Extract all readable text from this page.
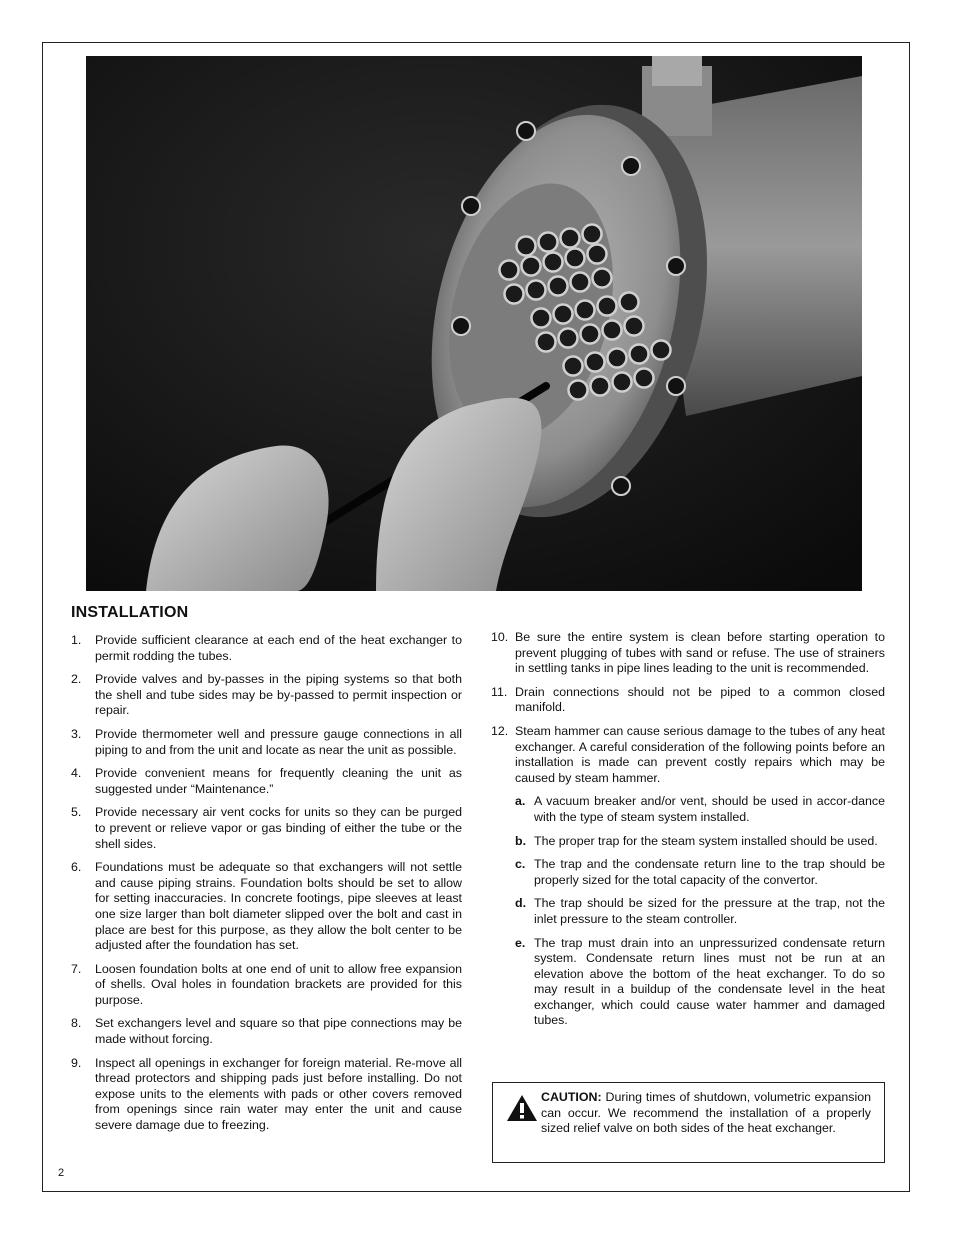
INSTALLATION
1.	Provide sufficient clearance at each end of the heat exchanger to permit rodding the tubes.
2.	Provide valves and by-passes in the piping systems so that both the shell and tube sides may be by-passed to permit inspection or repair.
3.	Provide thermometer well and pressure gauge connections in all piping to and from the unit and locate as near the unit as possible.
4.	Provide convenient means for frequently cleaning the unit as suggested under “Maintenance.”
5.	Provide necessary air vent cocks for units so they can be purged to prevent or relieve vapor or gas binding of either the tube or the shell sides.
6.	Foundations must be adequate so that exchangers will not settle and cause piping strains. Foundation bolts should be set to allow for setting inaccuracies. In concrete footings, pipe sleeves at least one size larger than bolt diameter slipped over the bolt and cast in place are best for this purpose, as they allow the bolt center to be adjusted after the foundation has set.
7.	Loosen foundation bolts at one end of unit to allow free expansion of shells. Oval holes in foundation brackets are provided for this purpose.
8.	Set exchangers level and square so that pipe connections may be made without forcing.
9.	Inspect all openings in exchanger for foreign material. Re-move all thread protectors and shipping pads just before installing. Do not expose units to the elements with pads or other covers removed from openings since rain water may enter the unit and cause severe damage due to freezing.
10. Be sure the entire system is clean before starting operation to prevent plugging of tubes with sand or refuse. The use of strainers in settling tanks in pipe lines leading to the unit is recommended.
11. Drain connections should not be piped to a common closed manifold.
12. Steam hammer can cause serious damage to the tubes of any heat exchanger. A careful consideration of the following points before an installation is made can prevent costly repairs which may be caused by steam hammer.
a. A vacuum breaker and/or vent, should be used in accor-dance with the type of steam system installed.
b. The proper trap for the steam system installed should be used.
c. The trap and the condensate return line to the trap should be properly sized for the total capacity of the convertor.
d. The trap should be sized for the pressure at the trap, not the inlet pressure to the steam controller.
e. The trap must drain into an unpressurized condensate return system. Condensate return lines must not be run at an elevation above the bottom of the heat exchanger. To do so may result in a buildup of the condensate level in the heat exchanger, which could cause water hammer and damaged tubes.
CAUTION: During times of shutdown, volumetric expansion can occur. We recommend the installation of a properly sized relief valve on both sides of the heat exchanger.
2
